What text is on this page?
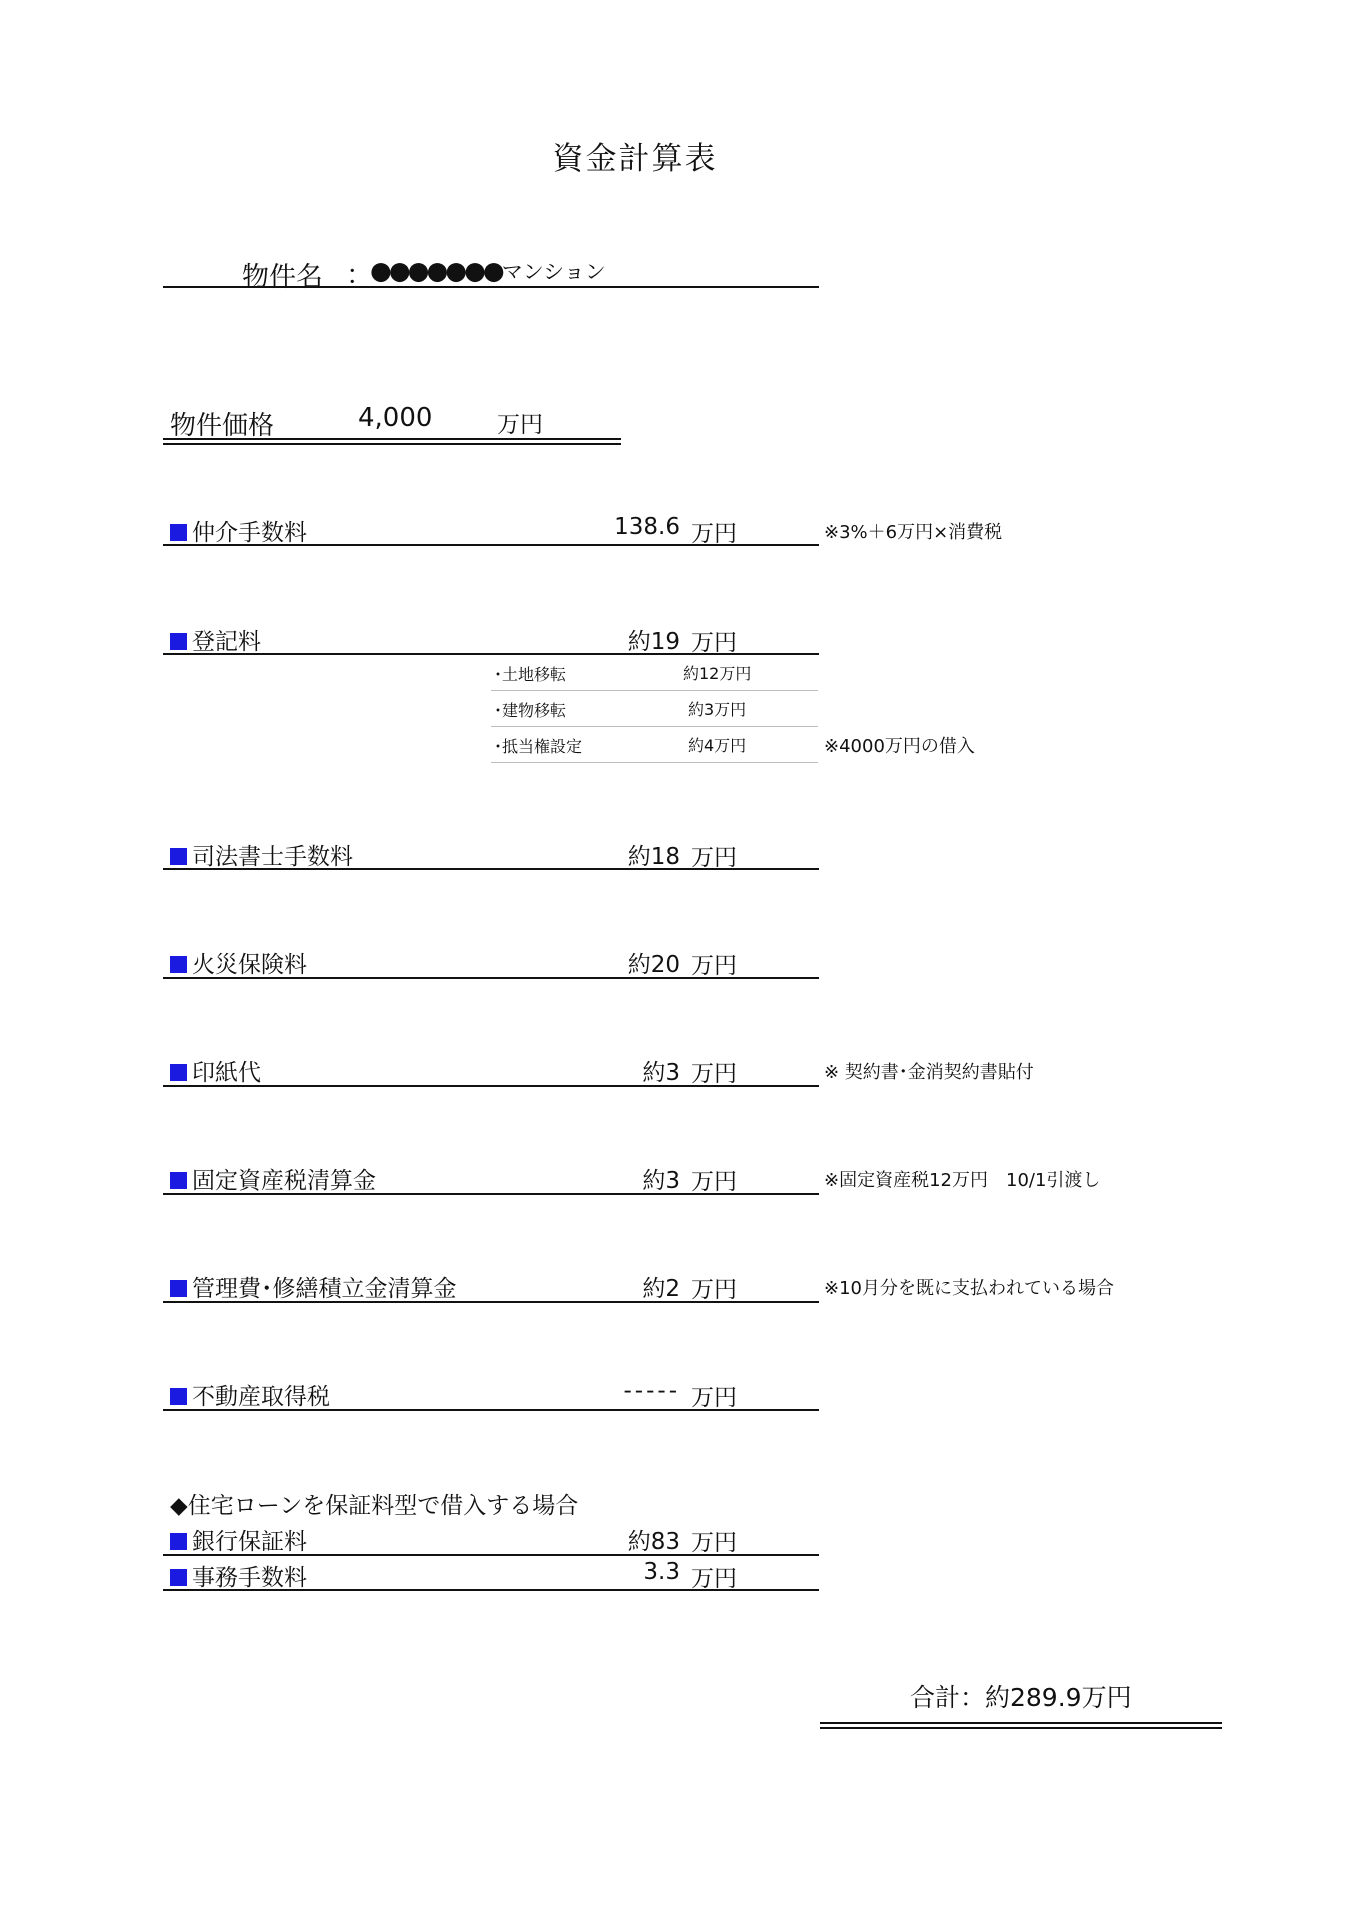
資金計算表
物件名 ：
●●●●●●●マンション
物件価格	4,000	万円
仲介手数料	138.6 万円	※3%＋6万円×消費税
登記料	約19 万円
･土地移転	約12万円
･建物移転	約3万円
･抵当権設定	約4万円	※4000万円の借入
司法書士手数料	約18 万円
火災保険料	約20 万円
印紙代	約3 万円	※ 契約書･金消契約書貼付
固定資産税清算金	約3 万円	※固定資産税12万円　10/1引渡し
管理費･修繕積立金清算金	約2 万円	※10月分を既に支払われている場合
不動産取得税	----- 万円
◆住宅ローンを保証料型で借入する場合
銀行保証料	約83 万円
事務手数料	3.3 万円
合計：約289.9万円
